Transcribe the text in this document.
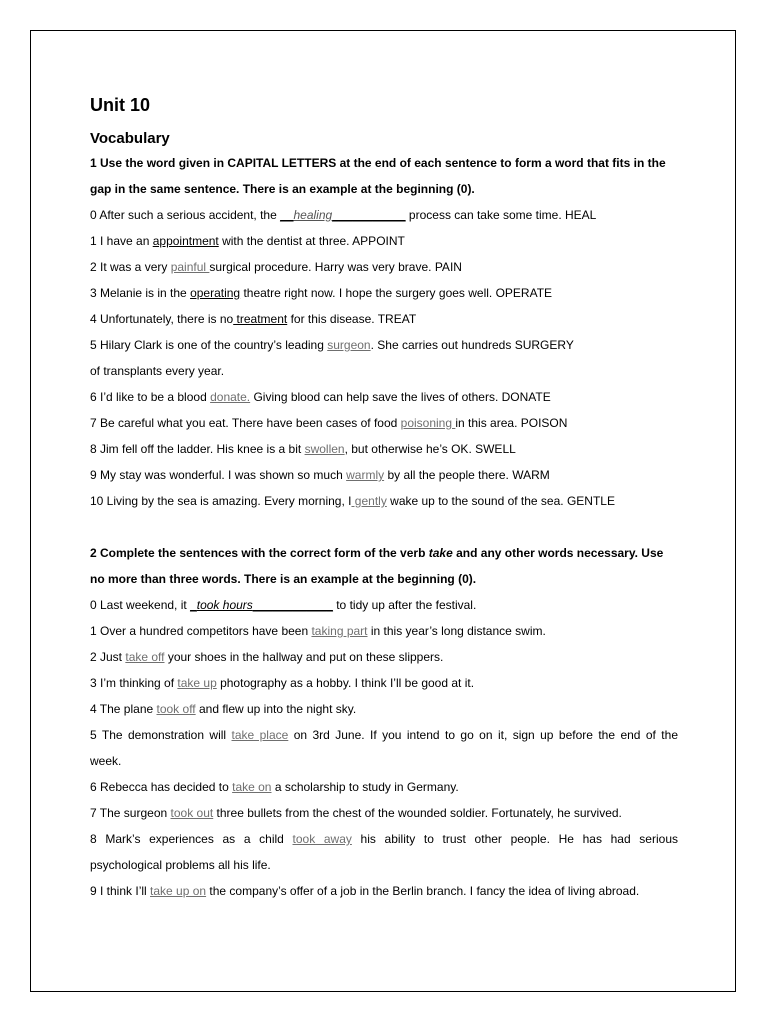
Unit 10
Vocabulary
1 Use the word given in CAPITAL LETTERS at the end of each sentence to form a word that fits in the
gap in the same sentence. There is an example at the beginning (0).
0 After such a serious accident, the __healing___________ process can take some time. HEAL
1 I have an appointment with the dentist at three. APPOINT
2 It was a very painful surgical procedure. Harry was very brave. PAIN
3 Melanie is in the operating theatre right now. I hope the surgery goes well. OPERATE
4 Unfortunately, there is no treatment for this disease. TREAT
5 Hilary Clark is one of the country’s leading surgeon. She carries out hundreds SURGERY
of transplants every year.
6 I’d like to be a blood donate. Giving blood can help save the lives of others. DONATE
7 Be careful what you eat. There have been cases of food poisoning in this area. POISON
8 Jim fell off the ladder. His knee is a bit swollen, but otherwise he’s OK. SWELL
9 My stay was wonderful. I was shown so much warmly by all the people there. WARM
10 Living by the sea is amazing. Every morning, I gently wake up to the sound of the sea. GENTLE
2 Complete the sentences with the correct form of the verb take and any other words necessary. Use
no more than three words. There is an example at the beginning (0).
0 Last weekend, it _took hours____________ to tidy up after the festival.
1 Over a hundred competitors have been taking part in this year’s long distance swim.
2 Just take off your shoes in the hallway and put on these slippers.
3 I’m thinking of take up photography as a hobby. I think I’ll be good at it.
4 The plane took off and flew up into the night sky.
5 The demonstration will take place on 3rd June. If you intend to go on it, sign up before the end of the
week.
6 Rebecca has decided to take on a scholarship to study in Germany.
7 The surgeon took out three bullets from the chest of the wounded soldier. Fortunately, he survived.
8 Mark’s experiences as a child took away his ability to trust other people. He has had serious
psychological problems all his life.
9 I think I’ll take up on the company’s offer of a job in the Berlin branch. I fancy the idea of living abroad.
